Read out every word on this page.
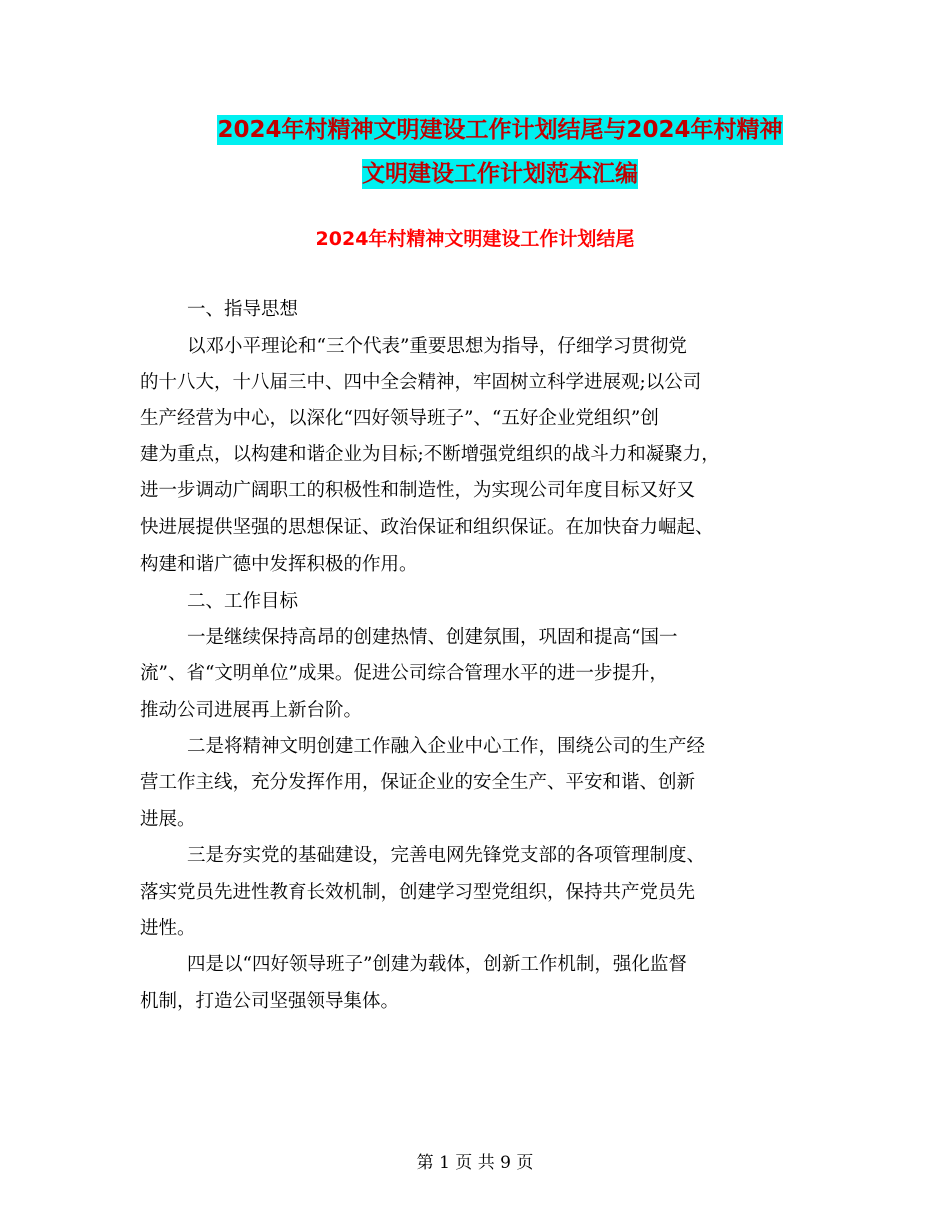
2024年村精神文明建设工作计划结尾与2024年村精神
文明建设工作计划范本汇编
2024年村精神文明建设工作计划结尾
一、指导思想
以邓小平理论和“三个代表”重要思想为指导，仔细学习贯彻党
的十八大，十八届三中、四中全会精神，牢固树立科学进展观;以公司
生产经营为中心，以深化“四好领导班子”、“五好企业党组织”创
建为重点，以构建和谐企业为目标;不断增强党组织的战斗力和凝聚力，
进一步调动广阔职工的积极性和制造性，为实现公司年度目标又好又
快进展提供坚强的思想保证、政治保证和组织保证。在加快奋力崛起、
构建和谐广德中发挥积极的作用。
二、工作目标
一是继续保持高昂的创建热情、创建氛围，巩固和提高“国一
流”、省“文明单位”成果。促进公司综合管理水平的进一步提升，
推动公司进展再上新台阶。
二是将精神文明创建工作融入企业中心工作，围绕公司的生产经
营工作主线，充分发挥作用，保证企业的安全生产、平安和谐、创新
进展。
三是夯实党的基础建设，完善电网先锋党支部的各项管理制度、
落实党员先进性教育长效机制，创建学习型党组织，保持共产党员先
进性。
四是以“四好领导班子”创建为载体，创新工作机制，强化监督
机制，打造公司坚强领导集体。
第 1 页 共 9 页
